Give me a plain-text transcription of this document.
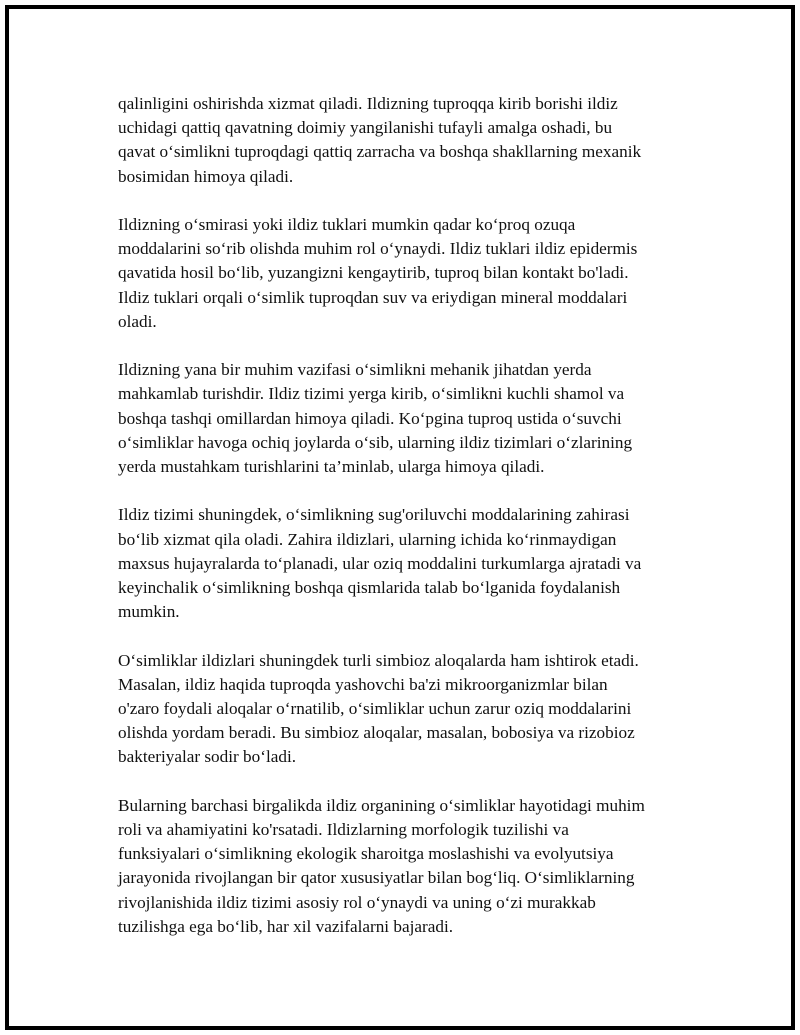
qalinligini oshirishda xizmat qiladi. Ildizning tuproqqa kirib borishi ildiz
uchidagi qattiq qavatning doimiy yangilanishi tufayli amalga oshadi, bu
qavat o‘simlikni tuproqdagi qattiq zarracha va boshqa shakllarning mexanik
bosimidan himoya qiladi.

Ildizning o‘smirasi yoki ildiz tuklari mumkin qadar ko‘proq ozuqa
moddalarini so‘rib olishda muhim rol o‘ynaydi. Ildiz tuklari ildiz epidermis
qavatida hosil bo‘lib, yuzangizni kengaytirib, tuproq bilan kontakt bo'ladi.
Ildiz tuklari orqali o‘simlik tuproqdan suv va eriydigan mineral moddalari
oladi.

Ildizning yana bir muhim vazifasi o‘simlikni mehanik jihatdan yerda
mahkamlab turishdir. Ildiz tizimi yerga kirib, o‘simlikni kuchli shamol va
boshqa tashqi omillardan himoya qiladi. Ko‘pgina tuproq ustida o‘suvchi
o‘simliklar havoga ochiq joylarda o‘sib, ularning ildiz tizimlari o‘zlarining
yerda mustahkam turishlarini ta’minlab, ularga himoya qiladi.

Ildiz tizimi shuningdek, o‘simlikning sug'oriluvchi moddalarining zahirasi
bo‘lib xizmat qila oladi. Zahira ildizlari, ularning ichida ko‘rinmaydigan
maxsus hujayralarda to‘planadi, ular oziq moddalini turkumlarga ajratadi va
keyinchalik o‘simlikning boshqa qismlarida talab bo‘lganida foydalanish
mumkin.

O‘simliklar ildizlari shuningdek turli simbioz aloqalarda ham ishtirok etadi.
Masalan, ildiz haqida tuproqda yashovchi ba'zi mikroorganizmlar bilan
o'zaro foydali aloqalar o‘rnatilib, o‘simliklar uchun zarur oziq moddalarini
olishda yordam beradi. Bu simbioz aloqalar, masalan, bobosiya va rizobioz
bakteriyalar sodir bo‘ladi.

Bularning barchasi birgalikda ildiz organining o‘simliklar hayotidagi muhim
roli va ahamiyatini ko'rsatadi. Ildizlarning morfologik tuzilishi va
funksiyalari o‘simlikning ekologik sharoitga moslashishi va evolyutsiya
jarayonida rivojlangan bir qator xususiyatlar bilan bog‘liq. O‘simliklarning
rivojlanishida ildiz tizimi asosiy rol o‘ynaydi va uning o‘zi murakkab
tuzilishga ega bo‘lib, har xil vazifalarni bajaradi.
